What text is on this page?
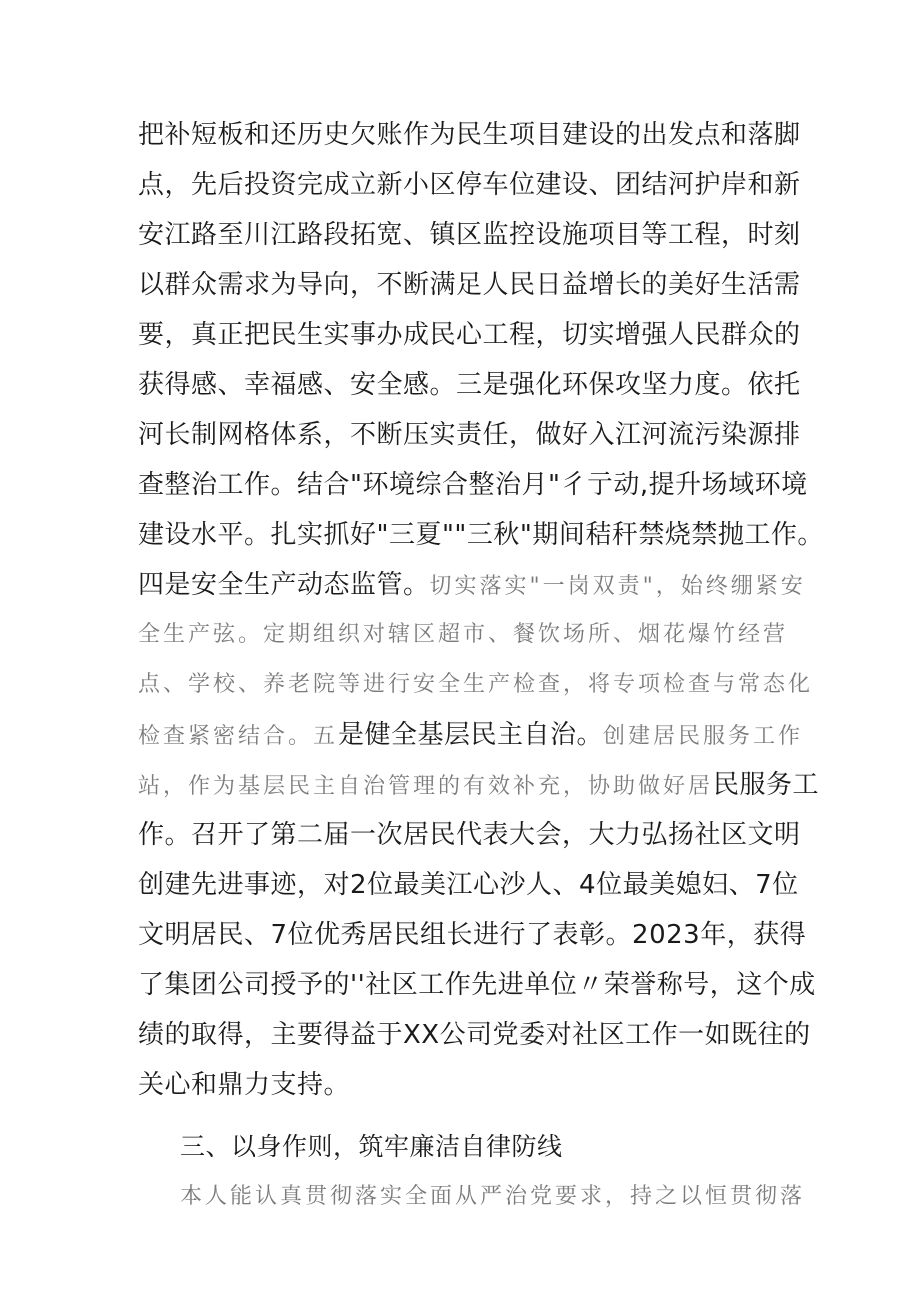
把补短板和还历史欠账作为民生项目建设的出发点和落脚
点，先后投资完成立新小区停车位建设、团结河护岸和新
安江路至川江路段拓宽、镇区监控设施项目等工程，时刻
以群众需求为导向，不断满足人民日益增长的美好生活需
要，真正把民生实事办成民心工程，切实增强人民群众的
获得感、幸福感、安全感。三是强化环保攻坚力度。依托
河长制网格体系，不断压实责任，做好入江河流污染源排
查整治工作。结合"环境综合整治月"彳亍动,提升场域环境
建设水平。扎实抓好"三夏""三秋"期间秸秆禁烧禁抛工作。
四是安全生产动态监管。切实落实"一岗双责"，始终绷紧安
全生产弦。定期组织对辖区超市、餐饮场所、烟花爆竹经营
点、学校、养老院等进行安全生产检查，将专项检查与常态化
检查紧密结合。五是健全基层民主自治。创建居民服务工作
站，作为基层民主自治管理的有效补充，协助做好居民服务工
作。召开了第二届一次居民代表大会，大力弘扬社区文明
创建先进事迹，对2位最美江心沙人、4位最美媳妇、7位
文明居民、7位优秀居民组长进行了表彰。2023年，获得
了集团公司授予的''社区工作先进单位〃荣誉称号，这个成
绩的取得，主要得益于XX公司党委对社区工作一如既往的
关心和鼎力支持。
三、以身作则，筑牢廉洁自律防线
本人能认真贯彻落实全面从严治党要求，持之以恒贯彻落
